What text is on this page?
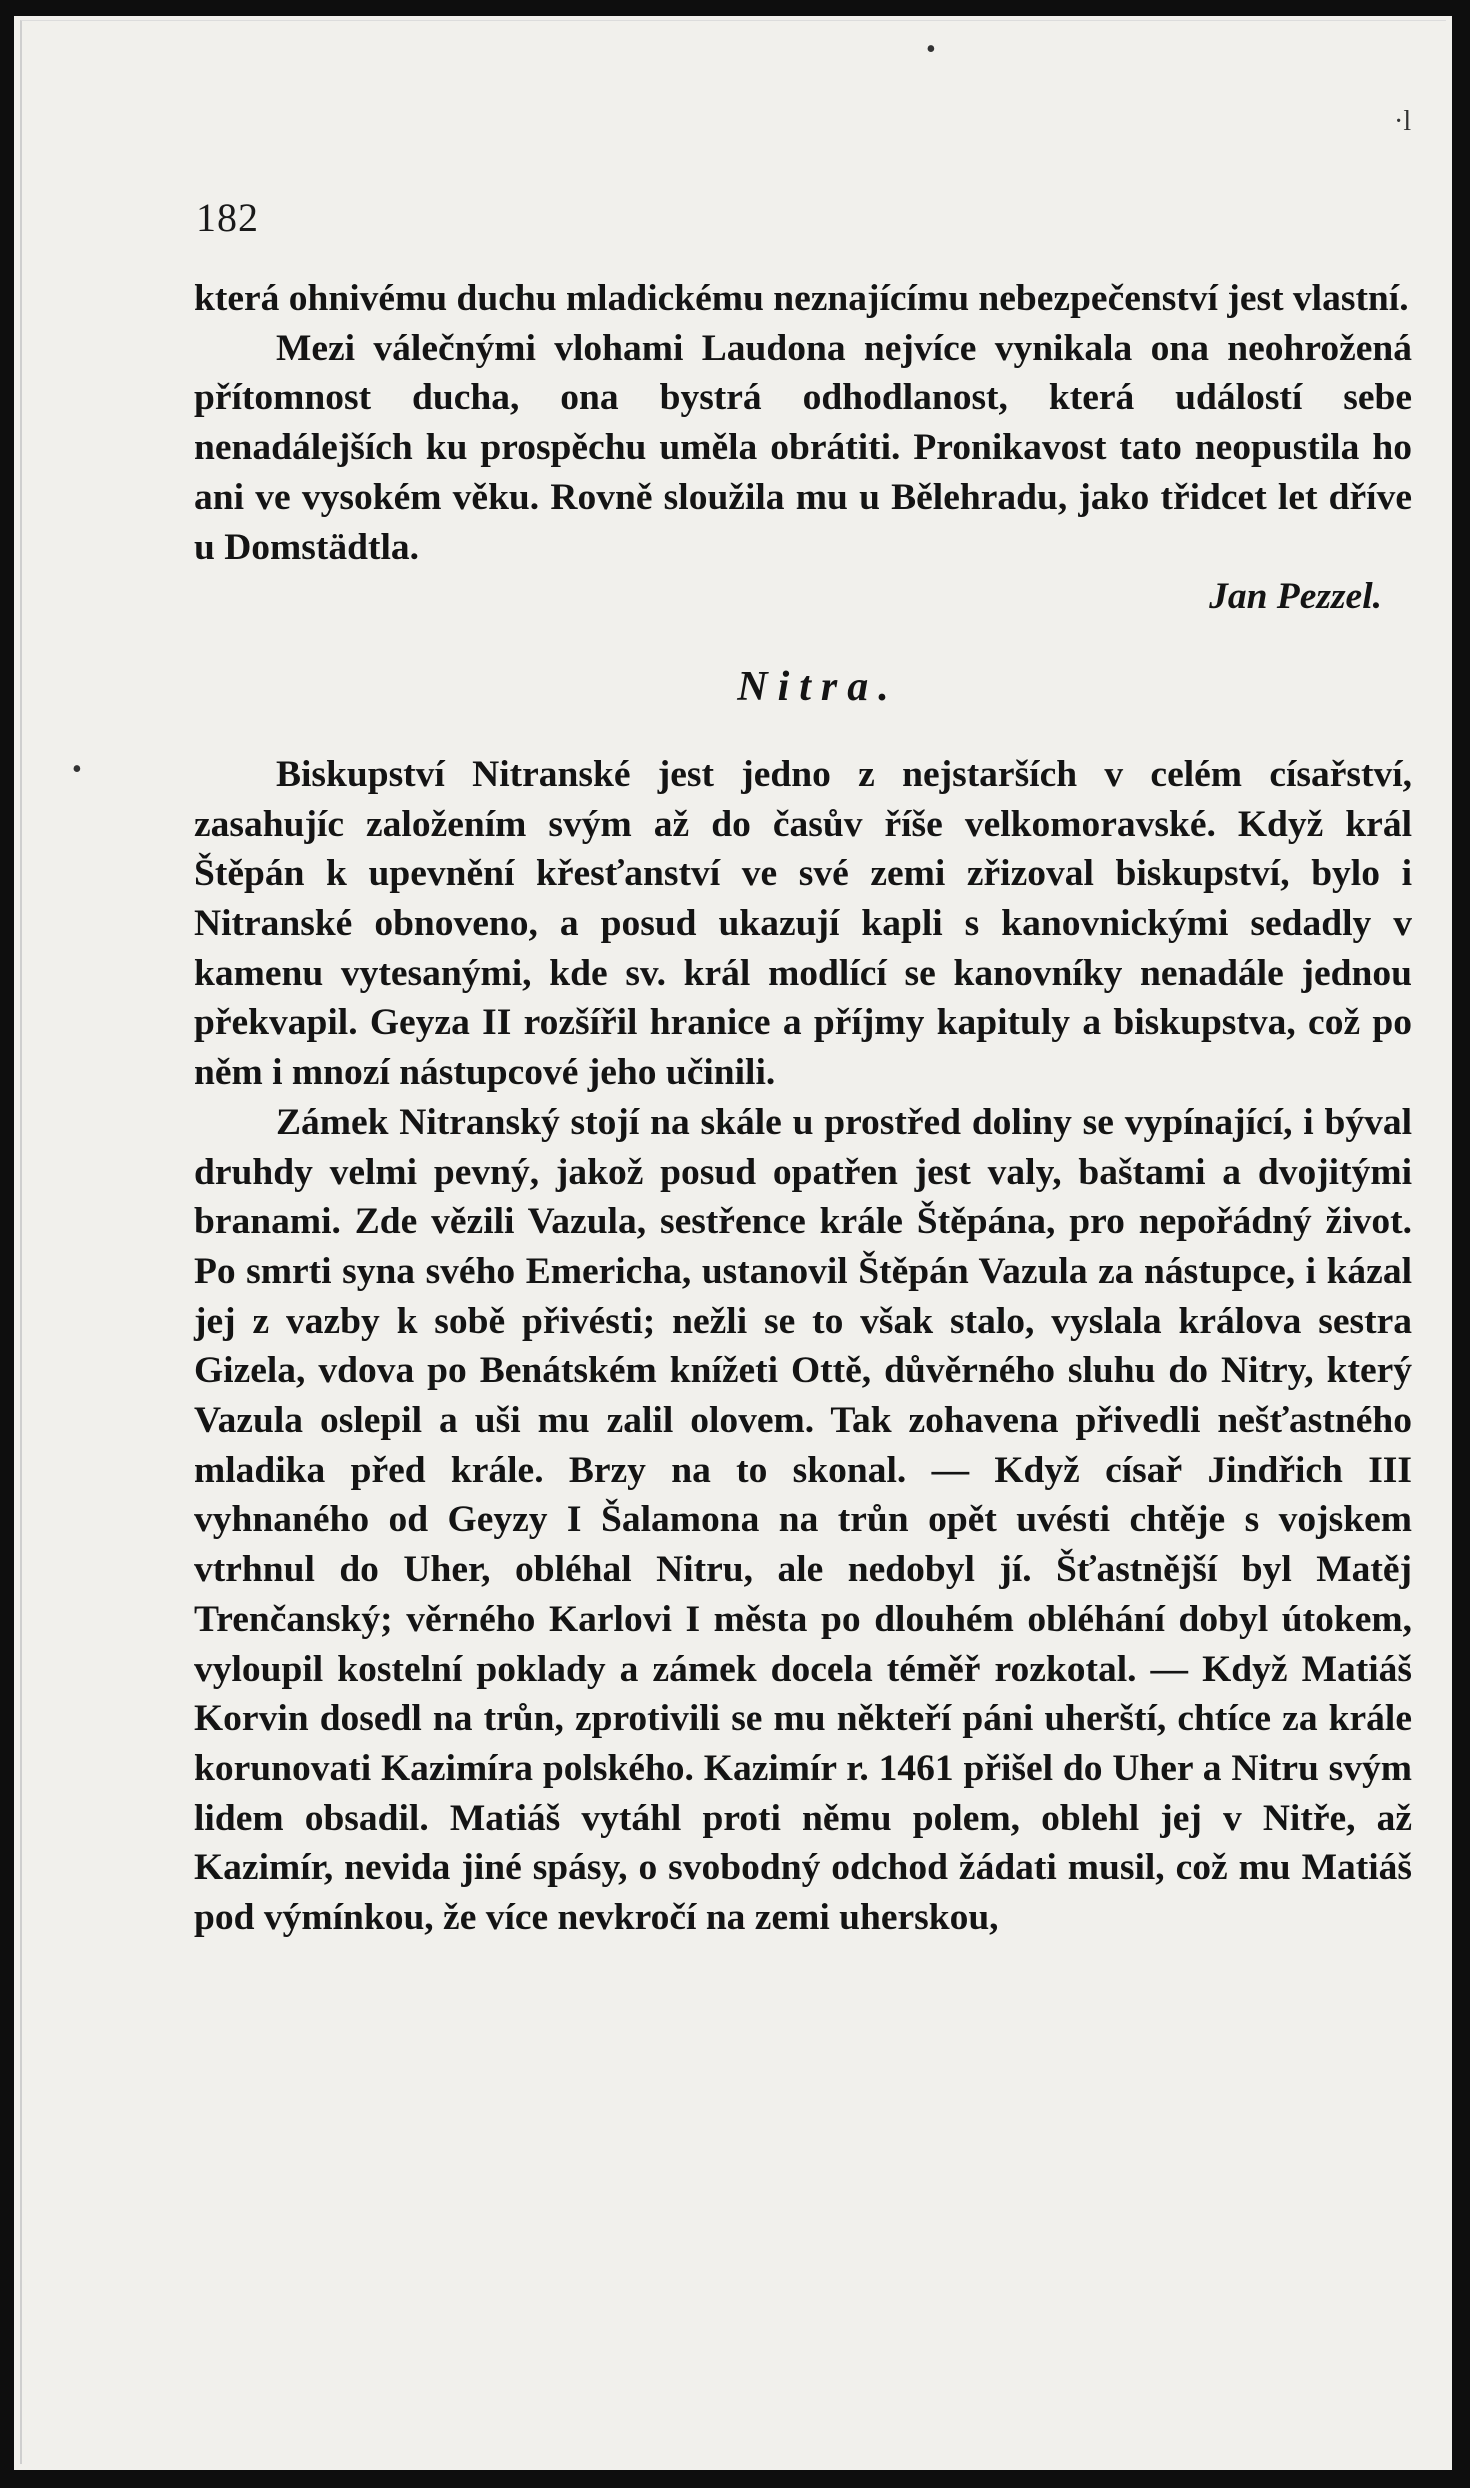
·l
•
•
182

která ohnivému duchu mladickému neznajícímu nebezpečenství jest vlastní.

Mezi válečnými vlohami Laudona nejvíce vynikala ona neohrožená přítomnost ducha, ona bystrá odhodlanost, která událostí sebe nenadálejších ku prospěchu uměla obrátiti. Pronikavost tato neopustila ho ani ve vysokém věku. Rovně sloužila mu u Bělehradu, jako třidcet let dříve u Domstädtla.

Jan Pezzel.
Nitra.

Biskupství Nitranské jest jedno z nejstarších v celém císařství, zasahujíc založením svým až do časův říše velkomoravské. Když král Štěpán k upevnění křesťanství ve své zemi zřizoval biskupství, bylo i Nitranské obnoveno, a posud ukazují kapli s kanovnickými sedadly v kamenu vytesanými, kde sv. král modlící se kanovníky nenadále jednou překvapil. Geyza II rozšířil hranice a příjmy kapituly a biskupstva, což po něm i mnozí nástupcové jeho učinili.

Zámek Nitranský stojí na skále u prostřed doliny se vypínající, i býval druhdy velmi pevný, jakož posud opatřen jest valy, baštami a dvojitými branami. Zde vězili Vazula, sestřence krále Štěpána, pro nepořádný život. Po smrti syna svého Emericha, ustanovil Štěpán Vazula za nástupce, i kázal jej z vazby k sobě přivésti; nežli se to však stalo, vyslala králova sestra Gizela, vdova po Benátském knížeti Ottě, důvěrného sluhu do Nitry, který Vazula oslepil a uši mu zalil olovem. Tak zohavena přivedli nešťastného mladika před krále. Brzy na to skonal. — Když císař Jindřich III vyhnaného od Geyzy I Šalamona na trůn opět uvésti chtěje s vojskem vtrhnul do Uher, obléhal Nitru, ale nedobyl jí. Šťastnější byl Matěj Trenčanský; věrného Karlovi I města po dlouhém obléhání dobyl útokem, vyloupil kostelní poklady a zámek docela téměř rozkotal. — Když Matiáš Korvin dosedl na trůn, zprotivili se mu někteří páni uherští, chtíce za krále korunovati Kazimíra polského. Kazimír r. 1461 přišel do Uher a Nitru svým lidem obsadil. Matiáš vytáhl proti němu polem, oblehl jej v Nitře, až Kazimír, nevida jiné spásy, o svobodný odchod žádati musil, což mu Matiáš pod výmínkou, že více nevkročí na zemi uherskou,
